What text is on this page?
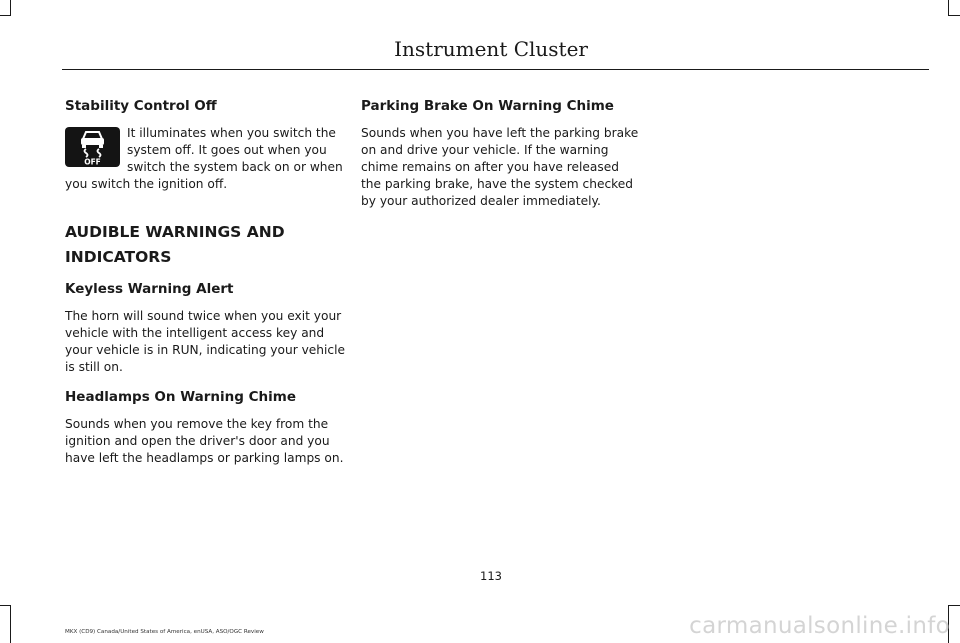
Instrument Cluster
Stability Control Off
OFF

It illuminates when you switch the system off. It goes out when you switch the system back on or when you switch the ignition off.

AUDIBLE WARNINGS AND INDICATORS
Keyless Warning Alert

The horn will sound twice when you exit your vehicle with the intelligent access key and your vehicle is in RUN, indicating your vehicle is still on.

Headlamps On Warning Chime

Sounds when you remove the key from the ignition and open the driver's door and you have left the headlamps or parking lamps on.

Parking Brake On Warning Chime

Sounds when you have left the parking brake on and drive your vehicle. If the warning chime remains on after you have released the parking brake, have the system checked by your authorized dealer immediately.

113
MKX (CD9) Canada/United States of America, enUSA, ASO/OGC Review	carmanualsonline.info
